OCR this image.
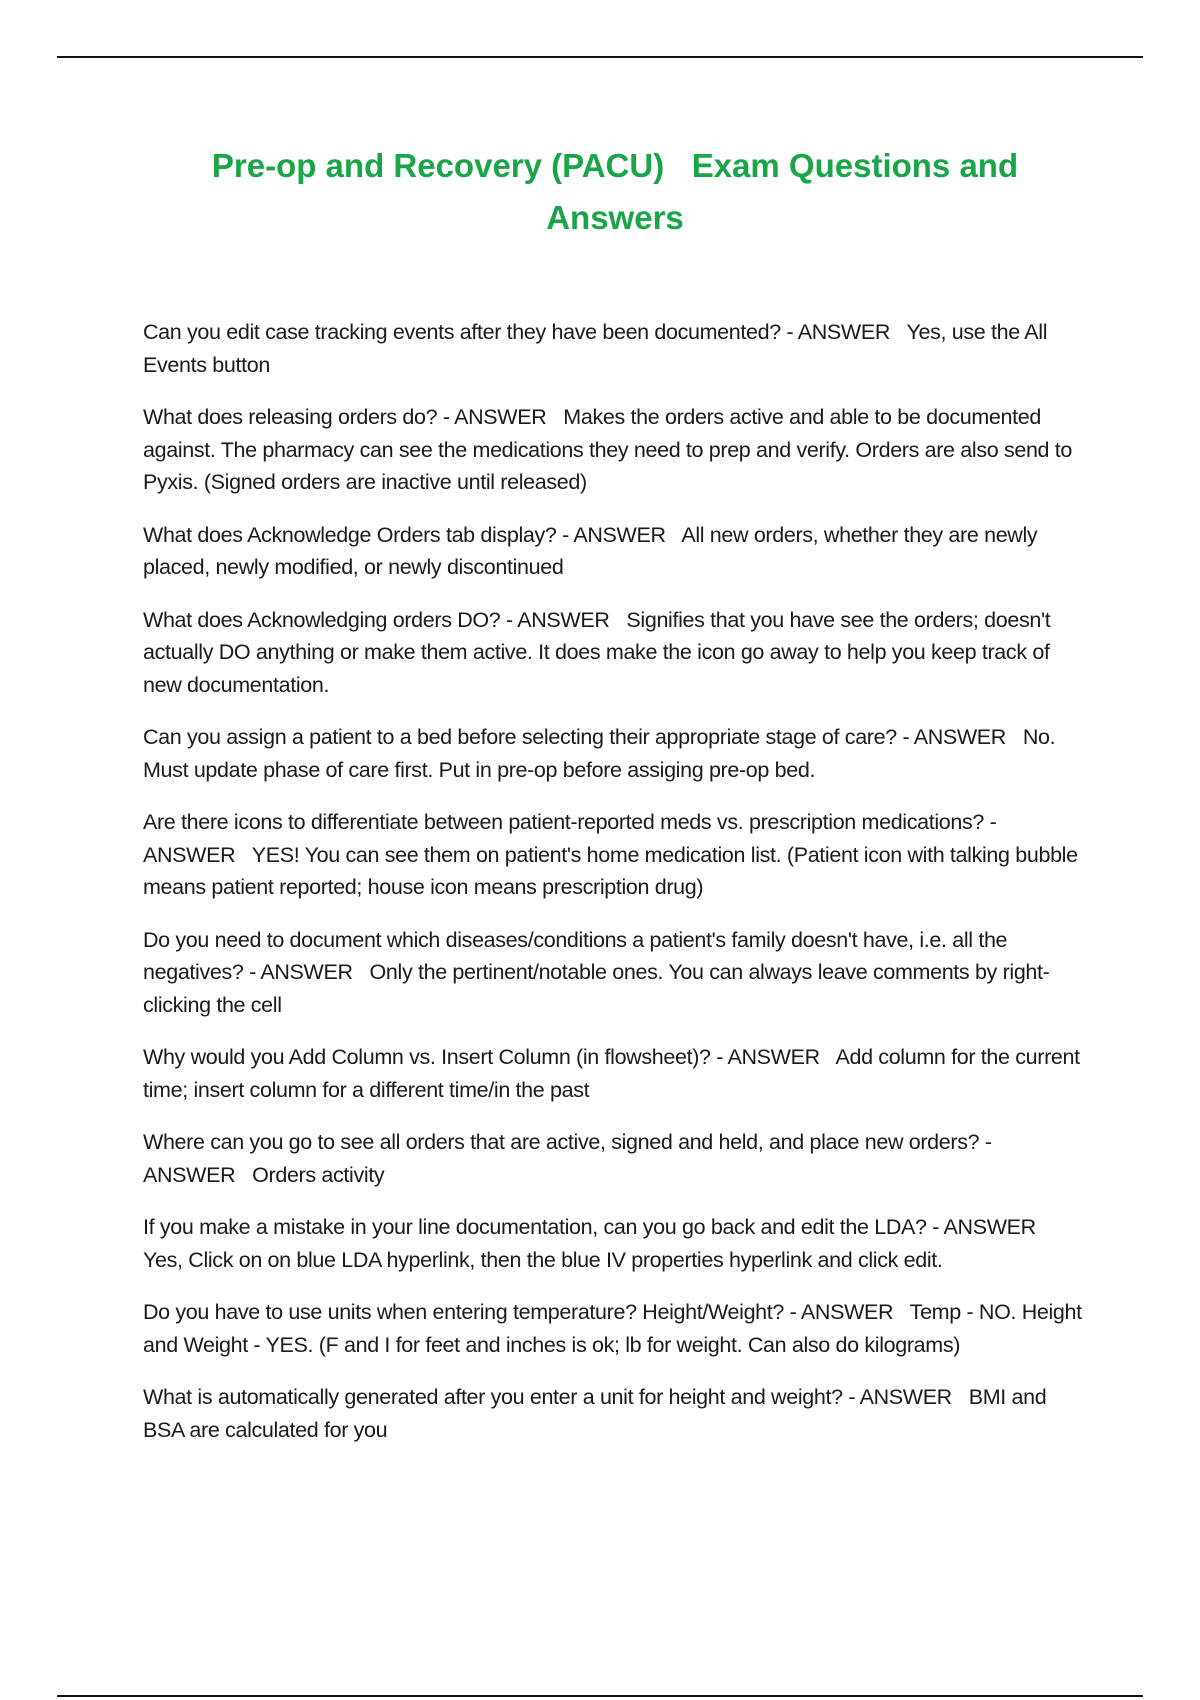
Pre-op and Recovery (PACU)   Exam Questions and Answers
Can you edit case tracking events after they have been documented? - ANSWER Yes, use the All Events button
What does releasing orders do? - ANSWER Makes the orders active and able to be documented against. The pharmacy can see the medications they need to prep and verify. Orders are also send to Pyxis. (Signed orders are inactive until released)
What does Acknowledge Orders tab display? - ANSWER All new orders, whether they are newly placed, newly modified, or newly discontinued
What does Acknowledging orders DO? - ANSWER Signifies that you have see the orders; doesn't actually DO anything or make them active. It does make the icon go away to help you keep track of new documentation.
Can you assign a patient to a bed before selecting their appropriate stage of care? - ANSWER No. Must update phase of care first. Put in pre-op before assiging pre-op bed.
Are there icons to differentiate between patient-reported meds vs. prescription medications? - ANSWER YES! You can see them on patient's home medication list. (Patient icon with talking bubble means patient reported; house icon means prescription drug)
Do you need to document which diseases/conditions a patient's family doesn't have, i.e. all the negatives? - ANSWER Only the pertinent/notable ones. You can always leave comments by right-clicking the cell
Why would you Add Column vs. Insert Column (in flowsheet)? - ANSWER Add column for the current time; insert column for a different time/in the past
Where can you go to see all orders that are active, signed and held, and place new orders? - ANSWER Orders activity
If you make a mistake in your line documentation, can you go back and edit the LDA? - ANSWER   Yes, Click on on blue LDA hyperlink, then the blue IV properties hyperlink and click edit.
Do you have to use units when entering temperature? Height/Weight? - ANSWER Temp - NO. Height and Weight - YES. (F and I for feet and inches is ok; lb for weight. Can also do kilograms)
What is automatically generated after you enter a unit for height and weight? - ANSWER BMI and BSA are calculated for you
